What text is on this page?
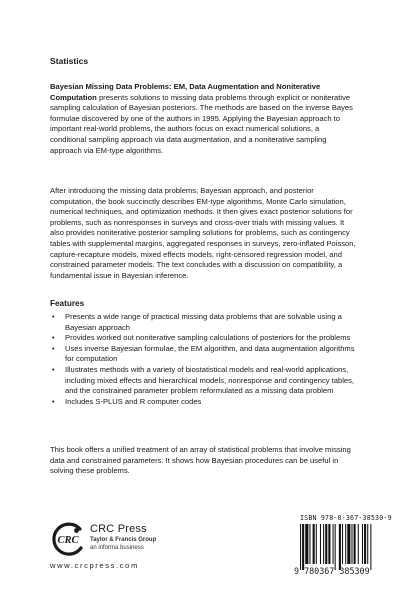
Statistics

Bayesian Missing Data Problems: EM, Data Augmentation and Noniterative Computation presents solutions to missing data problems through explicit or noniterative sampling calculation of Bayesian posteriors. The methods are based on the inverse Bayes formulae discovered by one of the authors in 1995. Applying the Bayesian approach to important real-world problems, the authors focus on exact numerical solutions, a conditional sampling approach via data augmentation, and a noniterative sampling approach via EM-type algorithms.

After introducing the missing data problems, Bayesian approach, and posterior computation, the book succinctly describes EM-type algorithms, Monte Carlo simulation, numerical techniques, and optimization methods. It then gives exact posterior solutions for problems, such as nonresponses in surveys and cross-over trials with missing values. It also provides noniterative posterior sampling solutions for problems, such as contingency tables with supplemental margins, aggregated responses in surveys, zero-inflated Poisson, capture-recapture models, mixed effects models, right-censored regression model, and constrained parameter models. The text concludes with a discussion on compatibility, a fundamental issue in Bayesian inference.

Features

• Presents a wide range of practical missing data problems that are solvable using a Bayesian approach
• Provides worked out noniterative sampling calculations of posteriors for the problems
• Uses inverse Bayesian formulae, the EM algorithm, and data augmentation algorithms for computation
• Illustrates methods with a variety of biostatistical models and real-world applications, including mixed effects and hierarchical models, nonresponse and contingency tables, and the constrained parameter problem reformulated as a missing data problem
• Includes S-PLUS and R computer codes

This book offers a unified treatment of an array of statistical problems that involve missing data and constrained parameters. It shows how Bayesian procedures can be useful in solving these problems.

CRC
CRC Press
Taylor & Francis Group
an informa business
www.crcpress.com
ISBN 978-0-367-38530-9
9 780367 385309
